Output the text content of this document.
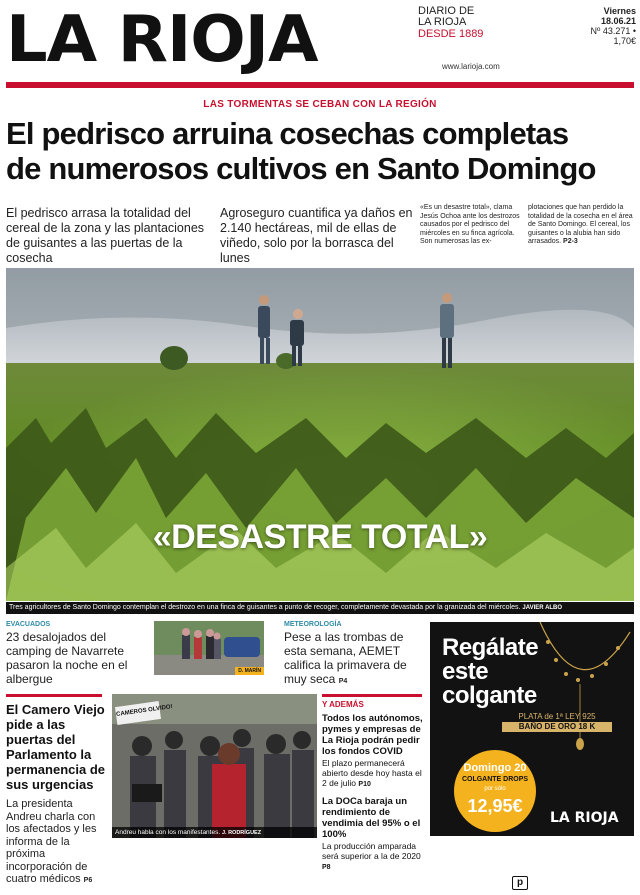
LA RIOJA	DIARIO DE
LA RIOJA
DESDE 1889
Viernes 18.06.21
Nº 43.271 • 1,70€
www.larioja.com
LAS TORMENTAS SE CEBAN CON LA REGIÓN
El pedrisco arruina cosechas completas
de numerosos cultivos en Santo Domingo
El pedrisco arrasa la totalidad del cereal de la zona y las plantaciones de guisantes a las puertas de la cosecha
Agroseguro cuantifica ya daños en 2.140 hectáreas, mil de ellas de viñedo, solo por la borrasca del lunes
«Es un desastre total», clama Jesús Ochoa ante los destrozos causados por el pedrisco del miércoles en su finca agrícola. Son numerosas las ex-
plotaciones que han perdido la totalidad de la cosecha en el área de Santo Domingo. El cereal, los guisantes o la alubia han sido arrasados. P2-3
«DESASTRE TOTAL»
Tres agricultores de Santo Domingo contemplan el destrozo en una finca de guisantes a punto de recoger, completamente devastada por la granizada del miércoles. JAVIER ALBO
EVACUADOS
23 desalojados del camping de Navarrete pasaron la noche en el albergue
D. MARÍN
METEOROLOGÍA
Pese a las trombas de esta semana, AEMET califica la primavera de muy seca P4
Regálate
este
colgante
PLATA de 1ª LEY 925
BAÑO DE ORO 18 K
Domingo 20
COLGANTE DROPS
por sólo
12,95€
LA RIOJA
El Camero Viejo pide a las puertas del Parlamento la permanencia de sus urgencias
La presidenta Andreu charla con los afectados y les informa de la próxima incorporación de cuatro médicos P6
CAMEROS OLVIDO!
Andreu habla con los manifestantes. J. RODRÍGUEZ
Y ADEMÁS
Todos los autónomos, pymes y empresas de La Rioja podrán pedir los fondos COVID
El plazo permanecerá abierto desde hoy hasta el 2 de julio P10
La DOCa baraja un rendimiento de vendimia del 95% o el 100%
La producción amparada será superior a la de 2020 P8
p
